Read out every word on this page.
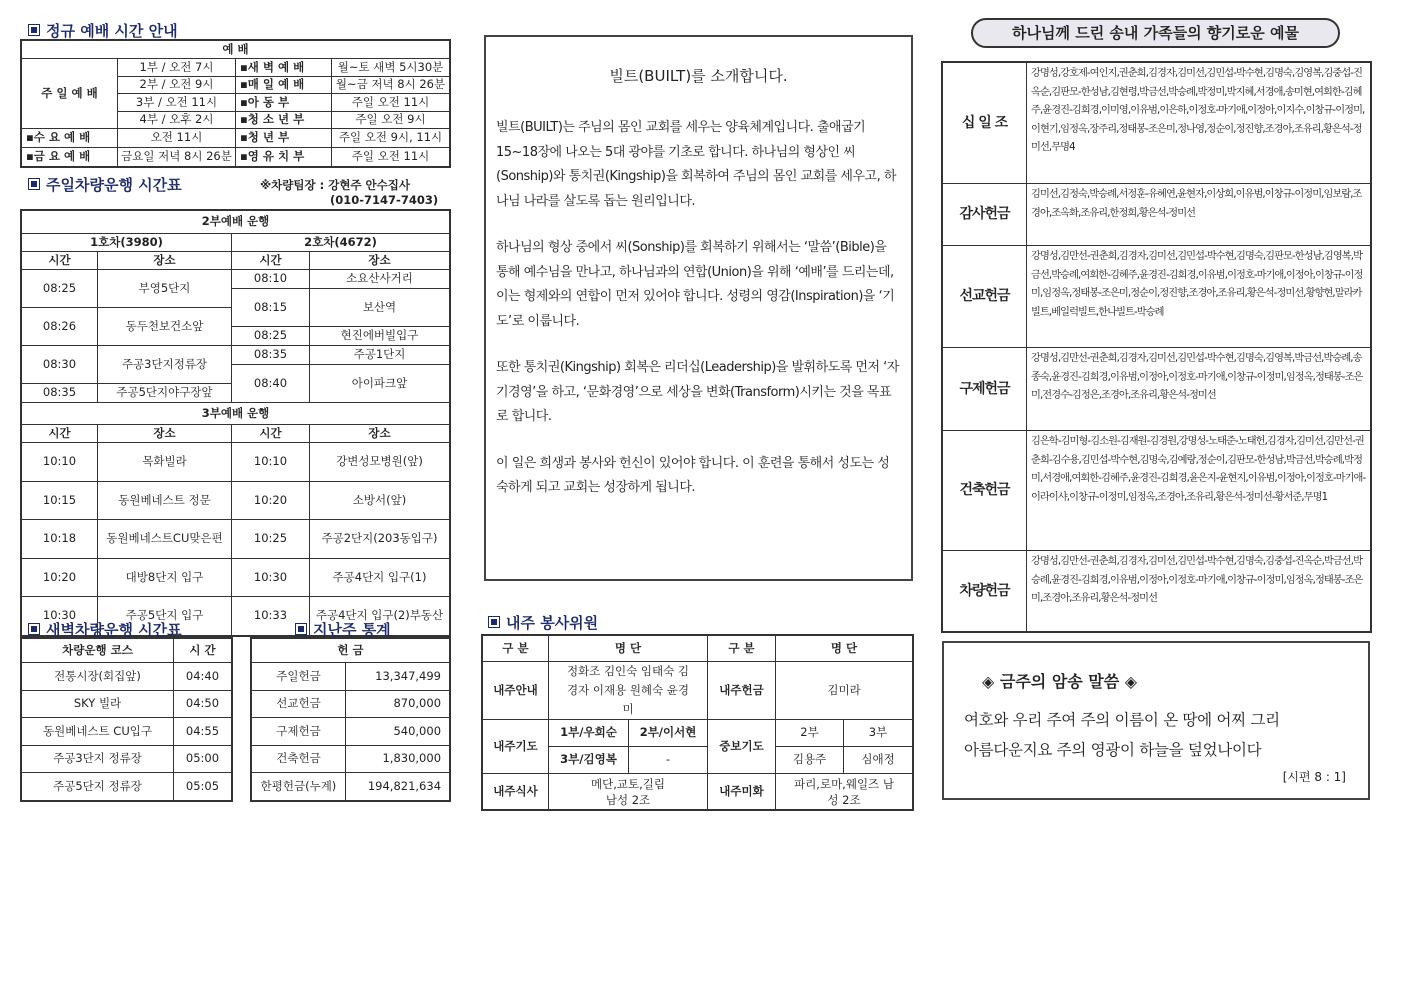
정규 예배 시간 안내
예 배			
주 일 예 배	1부 / 오전 7시	▪새 벽 예 배	월~토 새벽 5시30분
	2부 / 오전 9시	▪매 일 예 배	월~금 저녁 8시 26분
	3부 / 오전 11시	▪아 동 부	주일 오전 11시
	4부 / 오후 2시	▪청 소 년 부	주일 오전 9시
▪수 요 예 배	오전 11시	▪청 년 부	주일 오전 9시, 11시
▪금 요 예 배	금요일 저녁 8시 26분	▪영 유 치 부	주일 오전 11시
주일차량운행 시간표	※차량팀장 : 강현주 안수집사
(010-7147-7403)
2부예배 운행			
1호차(3980)		2호차(4672)	
시간	장소	시간	장소
08:25	부영5단지	08:10	소요산사거리
		08:15	보산역
08:26	동두천보건소앞		
		08:25	현진에버빌입구
08:30	주공3단지정류장	08:35	주공1단지
		08:40	아이파크앞
08:35	주공5단지야구장앞		
3부예배 운행			
시간	장소	시간	장소
10:10	목화빌라	10:10	강변성모병원(앞)
10:15	동원베네스트 정문	10:20	소방서(앞)
10:18	동원베네스트CU맞은편	10:25	주공2단지(203동입구)
10:20	대방8단지 입구	10:30	주공4단지 입구(1)
10:30	주공5단지 입구	10:33	주공4단지 입구(2)부동산
새벽차량운행 시간표
차량운행 코스	시 간
전통시장(회집앞)	04:40
SKY 빌라	04:50
동원베네스트 CU입구	04:55
주공3단지 정류장	05:00
주공5단지 정류장	05:05
지난주 통계
헌 금	
주일헌금	13,347,499
선교헌금	870,000
구제헌금	540,000
건축헌금	1,830,000
한평헌금(누계)	194,821,634
빌트(BUILT)를 소개합니다.

빌트(BUILT)는 주님의 몸인 교회를 세우는 양육체계입니다. 출애굽기 15~18장에 나오는 5대 광야를 기초로 합니다. 하나님의 형상인 씨(Sonship)와 통치권(Kingship)을 회복하여 주님의 몸인 교회를 세우고, 하나님 나라를 살도록 돕는 원리입니다.

하나님의 형상 중에서 씨(Sonship)를 회복하기 위해서는 ‘말씀’(Bible)을 통해 예수님을 만나고, 하나님과의 연합(Union)을 위해 ‘예배’를 드리는데, 이는 형제와의 연합이 먼저 있어야 합니다. 성령의 영감(Inspiration)을 ‘기도’로 이룹니다.

또한 통치권(Kingship) 회복은 리더십(Leadership)을 발휘하도록 먼저 ‘자기경영’을 하고, ‘문화경영’으로 세상을 변화(Transform)시키는 것을 목표로 합니다.

이 일은 희생과 봉사와 헌신이 있어야 합니다. 이 훈련을 통해서 성도는 성숙하게 되고 교회는 성장하게 됩니다.

내주 봉사위원
구 분	명 단		구 분	명 단	
내주안내	정화조 김인숙 임태숙 김경자 이재용 원혜숙 윤경미		내주헌금	김미라	
내주기도	1부/우희순	2부/이서현	중보기도	2부	3부
	3부/김영복	-		김용주	심애정
내주식사	메단,교토,길림 남성 2조		내주미화	파리,로마,웨일즈 남성 2조	
하나님께 드린 송내 가족들의 향기로운 예물
십 일 조	강명성,강호제-여인지,권춘희,김경자,김미선,김민섭-박수현,김명숙,김영복,김중섭-진옥순,김판모-한성남,김현령,박금선,박승례,박정미,박지혜,서경애,송미현,여회한-김혜주,윤경진-김희경,이미영,이유범,이은하,이정호-마기애,이정아,이지수,이창규-이정미,이현기,임정옥,장주리,정태봉-조은미,정나영,정순이,정진향,조경아,조유리,황은석-정미선,무명4
감사헌금	김미선,김정숙,박승례,서정훈-유혜연,윤현자,이상희,이유범,이창규-이정미,임보람,조경아,조옥화,조유리,한정희,황은석-정미선
선교헌금	강명성,김만선-권춘희,김경자,김미선,김민섭-박수현,김명숙,김판모-한성남,김영복,박금선,박승례,여회한-김혜주,윤경진-김희경,이유범,이정호-마기애,이정아,이창규-이정미,임정옥,정태봉-조은미,정순이,정진향,조경아,조유리,황은석-정미선,황향현,말라카빌트,베일럭빌트,한나빌트-박승례
구제헌금	강명성,김만선-권춘희,김경자,김미선,김민섭-박수현,김명숙,김영복,박금선,박승례,송종숙,윤경진-김희경,이유범,이정아,이정호-마기애,이창규-이정미,임정옥,정태봉-조은미,전경수-김정은,조경아,조유리,황은석-정미선
건축헌금	김은학-김미형-김소원-김재원-김경원,강명성-노태준-노태헌,김경자,김미선,김만선-권춘희-김수용,김민섭-박수현,김명숙,김예랑,정순이,김판모-한성남,박금선,박승례,박정미,서경애,여회한-김혜주,윤경진-김희경,윤은지-윤현지,이유범,이정아,이정호-마기애-이라이샤,이창규-이정미,임정옥,조경아,조유리,황은석-정미선-황서준,무명1
차량헌금	강명성,김만선-권춘희,김경자,김미선,김민섭-박수현,김명숙,김중섭-진옥순,박금선,박승례,윤경진-김희경,이유범,이정아,이정호-마기애,이창규-이정미,임정옥,정태봉-조은미,조경아,조유리,황은석-정미선
◈ 금주의 암송 말씀 ◈
여호와 우리 주여 주의 이름이 온 땅에 어찌 그리
아름다운지요 주의 영광이 하늘을 덮었나이다
[시편 8 : 1]
